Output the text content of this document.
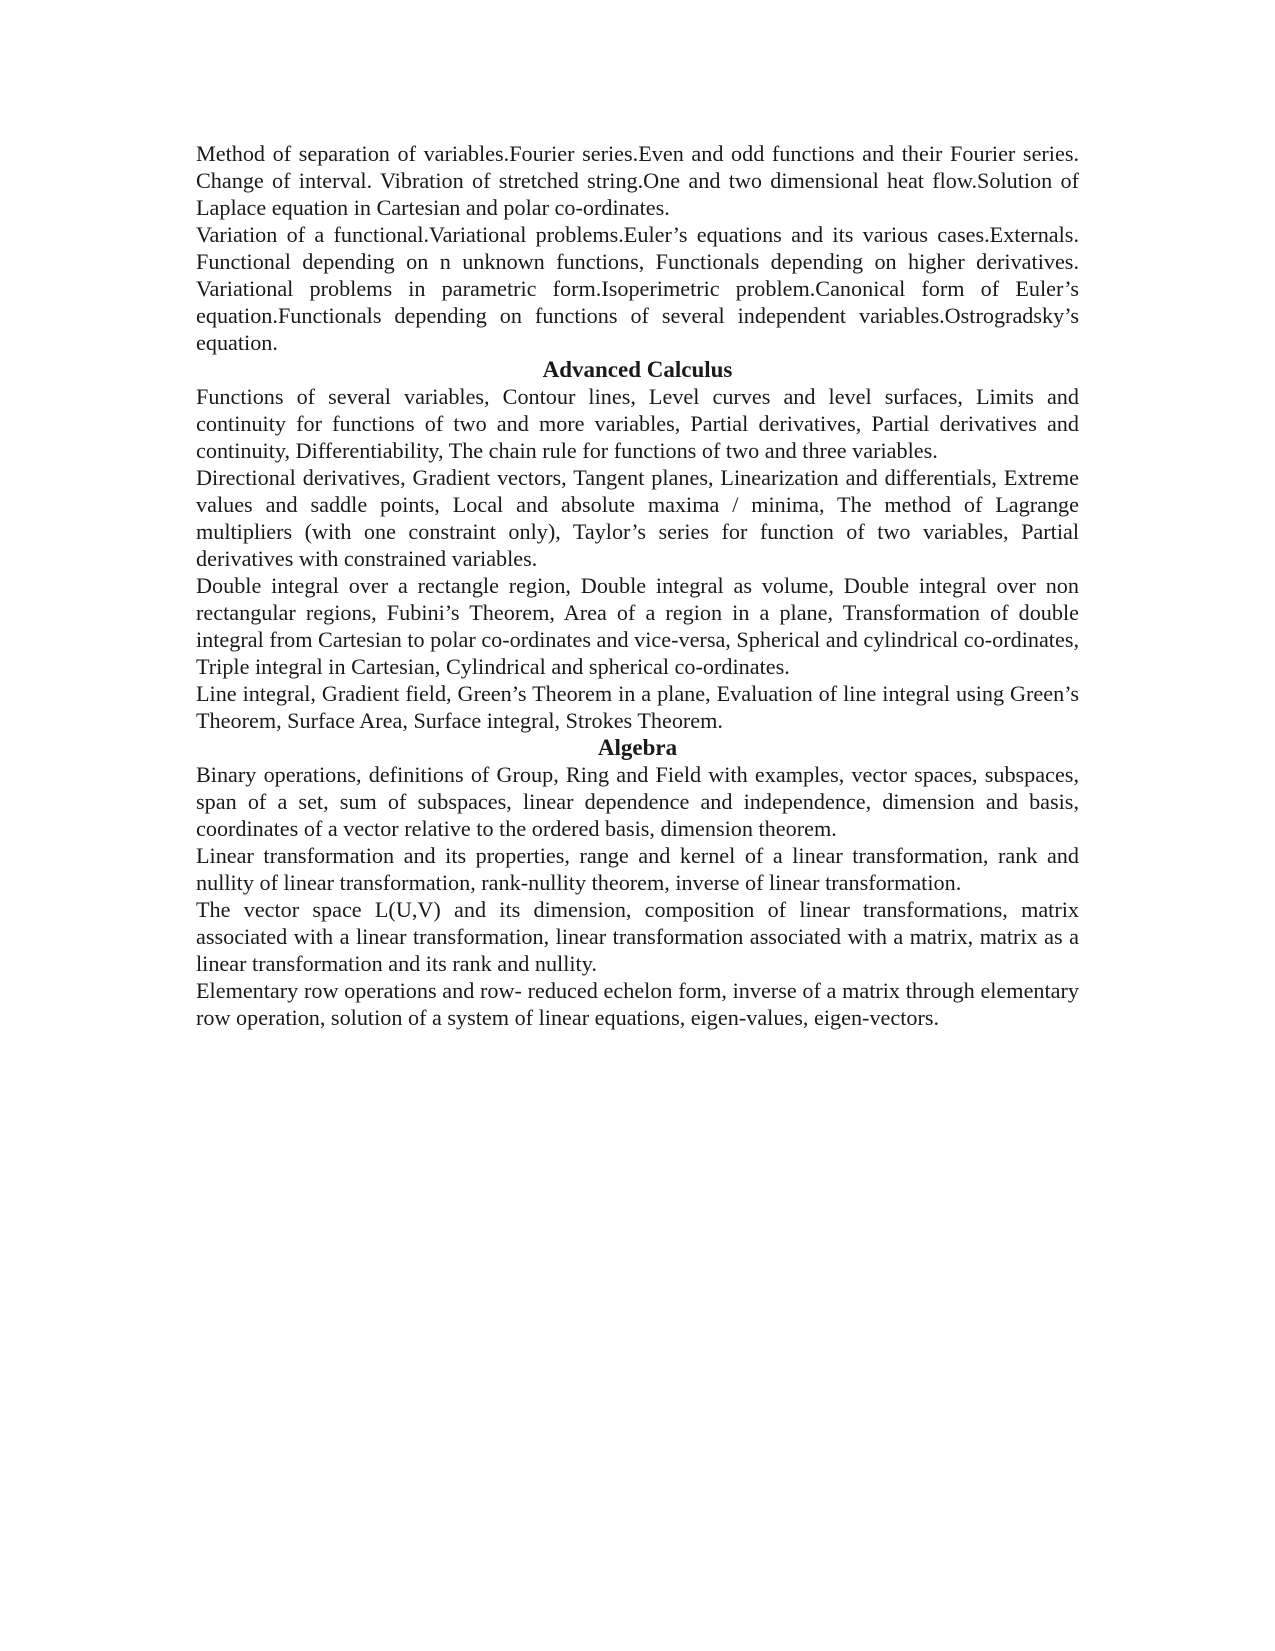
Method of separation of variables.Fourier series.Even and odd functions and their Fourier series. Change of interval. Vibration of stretched string.One and two dimensional heat flow.Solution of Laplace equation in Cartesian and polar co-ordinates.

Variation of a functional.Variational problems.Euler’s equations and its various cases.Externals. Functional depending on n unknown functions, Functionals depending on higher derivatives. Variational problems in parametric form.Isoperimetric problem.Canonical form of Euler’s equation.Functionals depending on functions of several independent variables.Ostrogradsky’s equation.

Advanced Calculus

Functions of several variables, Contour lines, Level curves and level surfaces, Limits and continuity for functions of two and more variables, Partial derivatives, Partial derivatives and continuity, Differentiability, The chain rule for functions of two and three variables.

Directional derivatives, Gradient vectors, Tangent planes, Linearization and differentials, Extreme values and saddle points, Local and absolute maxima / minima, The method of Lagrange multipliers (with one constraint only), Taylor’s series for function of two variables, Partial derivatives with constrained variables.

Double integral over a rectangle region, Double integral as volume, Double integral over non rectangular regions, Fubini’s Theorem, Area of a region in a plane, Transformation of double integral from Cartesian to polar co-ordinates and vice-versa, Spherical and cylindrical co-ordinates, Triple integral in Cartesian, Cylindrical and spherical co-ordinates.

Line integral, Gradient field, Green’s Theorem in a plane, Evaluation of line integral using Green’s Theorem, Surface Area, Surface integral, Strokes Theorem.

Algebra

Binary operations, definitions of Group, Ring and Field with examples, vector spaces, subspaces, span of a set, sum of subspaces, linear dependence and independence, dimension and basis, coordinates of a vector relative to the ordered basis, dimension theorem.

Linear transformation and its properties, range and kernel of a linear transformation, rank and nullity of linear transformation, rank-nullity theorem, inverse of linear transformation.

The vector space L(U,V) and its dimension, composition of linear transformations, matrix associated with a linear transformation, linear transformation associated with a matrix, matrix as a linear transformation and its rank and nullity.

Elementary row operations and row- reduced echelon form, inverse of a matrix through elementary row operation, solution of a system of linear equations, eigen-values, eigen-vectors.
